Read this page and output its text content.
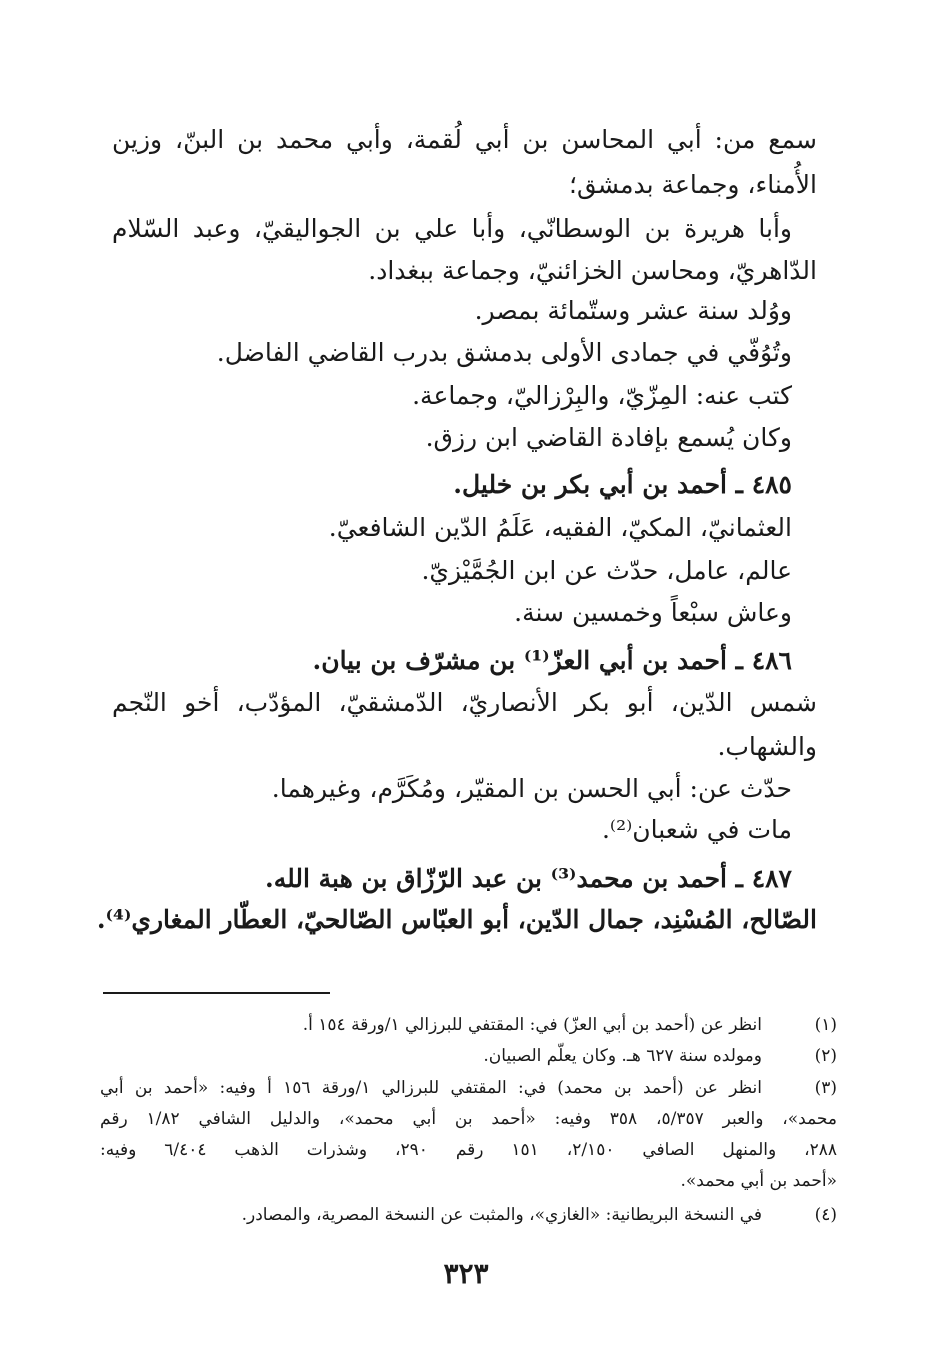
سمع من: أبي المحاسن بن أبي لُقمة، وأبي محمد بن البنّ، وزين
الأُمناء، وجماعة بدمشق؛
وأبا هريرة بن الوسطانّي، وأبا علي بن الجواليقيّ، وعبد السّلام
الدّاهريّ، ومحاسن الخزائنيّ، وجماعة ببغداد.
ووُلد سنة عشر وستّمائة بمصر.
وتُوُفّي في جمادى الأولى بدمشق بدرب القاضي الفاضل.
كتب عنه: المِزّيّ، والبِرْزاليّ، وجماعة.
وكان يُسمع بإفادة القاضي ابن رزق.
٤٨٥ ـ أحمد بن أبي بكر بن خليل.
العثمانيّ، المكيّ، الفقيه، عَلَمُ الدّين الشافعيّ.
عالم، عامل، حدّث عن ابن الجُمَّيْزيّ.
وعاش سبْعاً وخمسين سنة.
٤٨٦ ـ أحمد بن أبي العزّ⁽¹⁾ بن مشرّف بن بيان.
شمس الدّين، أبو بكر الأنصاريّ، الدّمشقيّ، المؤدّب، أخو النّجم
والشهاب.
حدّث عن: أبي الحسن بن المقيّر، ومُكَرَّم، وغيرهما.
مات في شعبان⁽²⁾.
٤٨٧ ـ أحمد بن محمد⁽³⁾ بن عبد الرّزّاق بن هبة الله.
الصّالح، المُسْنِد، جمال الدّين، أبو العبّاس الصّالحيّ، العطّار المغاري⁽⁴⁾.
(١)
انظر عن (أحمد بن أبي العزّ) في: المقتفي للبرزالي ١/ورقة ١٥٤ أ.
(٢)
ومولده سنة ٦٢٧ هـ. وكان يعلّم الصبيان.
(٣)
انظر عن (أحمد بن محمد) في: المقتفي للبرزالي ١/ورقة ١٥٦ أ وفيه: «أحمد بن أبي
محمد»، والعبر ٥/٣٥٧، ٣٥٨ وفيه: «أحمد بن أبي محمد»، والدليل الشافي ١/٨٢ رقم
٢٨٨، والمنهل الصافي ٢/١٥٠، ١٥١ رقم ٢٩٠، وشذرات الذهب ٦/٤٠٤ وفيه:
«أحمد بن أبي محمد».
(٤)
في النسخة البريطانية: «الغازي»، والمثبت عن النسخة المصرية، والمصادر.
٣٢٣
